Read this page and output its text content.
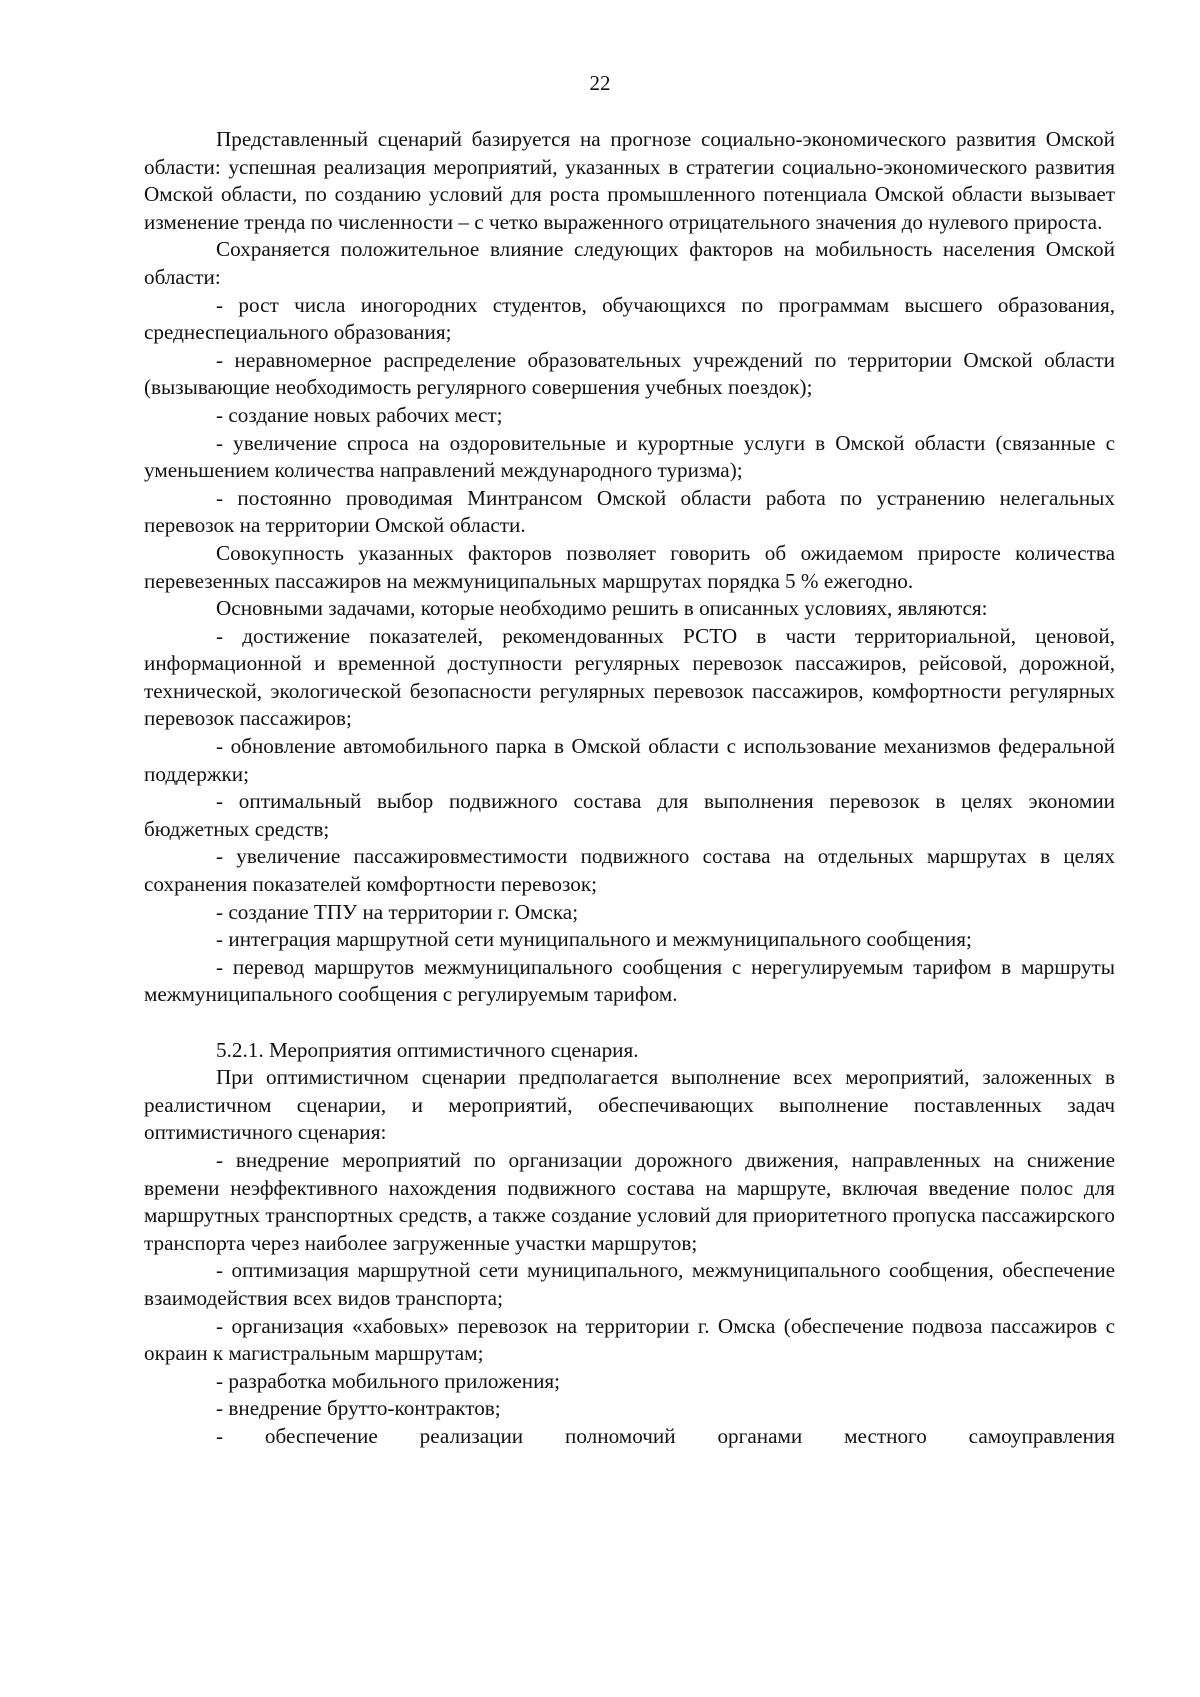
22

Представленный сценарий базируется на прогнозе социально-экономического развития Омской области: успешная реализация мероприятий, указанных в стратегии социально-экономического развития Омской области, по созданию условий для роста промышленного потенциала Омской области вызывает изменение тренда по численности – с четко выраженного отрицательного значения до нулевого прироста.

Сохраняется положительное влияние следующих факторов на мобильность населения Омской области:

- рост числа иногородних студентов, обучающихся по программам высшего образования, среднеспециального образования;

- неравномерное распределение образовательных учреждений по территории Омской области (вызывающие необходимость регулярного совершения учебных поездок);

- создание новых рабочих мест;

- увеличение спроса на оздоровительные и курортные услуги в Омской области (связанные с уменьшением количества направлений международного туризма);

- постоянно проводимая Минтрансом Омской области работа по устранению нелегальных перевозок на территории Омской области.

Совокупность указанных факторов позволяет говорить об ожидаемом приросте количества перевезенных пассажиров на межмуниципальных маршрутах порядка 5 % ежегодно.

Основными задачами, которые необходимо решить в описанных условиях, являются:

- достижение показателей, рекомендованных РСТО в части территориальной, ценовой, информационной и временной доступности регулярных перевозок пассажиров, рейсовой, дорожной, технической, экологической безопасности регулярных перевозок пассажиров, комфортности регулярных перевозок пассажиров;

- обновление автомобильного парка в Омской области с использование механизмов федеральной поддержки;

- оптимальный выбор подвижного состава для выполнения перевозок в целях экономии бюджетных средств;

- увеличение пассажировместимости подвижного состава на отдельных маршрутах в целях сохранения показателей комфортности перевозок;

- создание ТПУ на территории г. Омска;

- интеграция маршрутной сети муниципального и межмуниципального сообщения;

- перевод маршрутов межмуниципального сообщения с нерегулируемым тарифом в маршруты межмуниципального сообщения с регулируемым тарифом.

5.2.1. Мероприятия оптимистичного сценария.

При оптимистичном сценарии предполагается выполнение всех мероприятий, заложенных в реалистичном сценарии, и мероприятий, обеспечивающих выполнение поставленных задач оптимистичного сценария:

- внедрение мероприятий по организации дорожного движения, направленных на снижение времени неэффективного нахождения подвижного состава на маршруте, включая введение полос для маршрутных транспортных средств, а также создание условий для приоритетного пропуска пассажирского транспорта через наиболее загруженные участки маршрутов;

- оптимизация маршрутной сети муниципального, межмуниципального сообщения, обеспечение взаимодействия всех видов транспорта;

- организация «хабовых» перевозок на территории г. Омска (обеспечение подвоза пассажиров с окраин к магистральным маршрутам;

- разработка мобильного приложения;

- внедрение брутто-контрактов;

- обеспечение реализации полномочий органами местного самоуправления
